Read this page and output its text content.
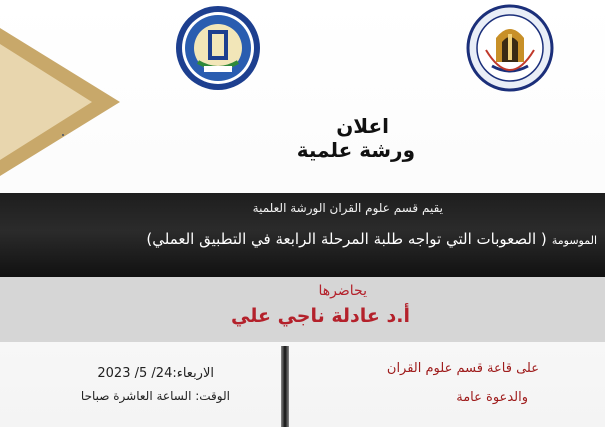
اعلان
ورشة علمية
يقيم قسم علوم القران الورشة العلمية
الموسومة ( الصعوبات التي تواجه طلبة المرحلة الرابعة في التطبيق العملي)
يحاضرها
أ.د عادلة ناجي علي
الاربعاء:24/ 5/ 2023
الوقت: الساعة العاشرة صباحا
على قاعة قسم علوم القران
والدعوة عامة
